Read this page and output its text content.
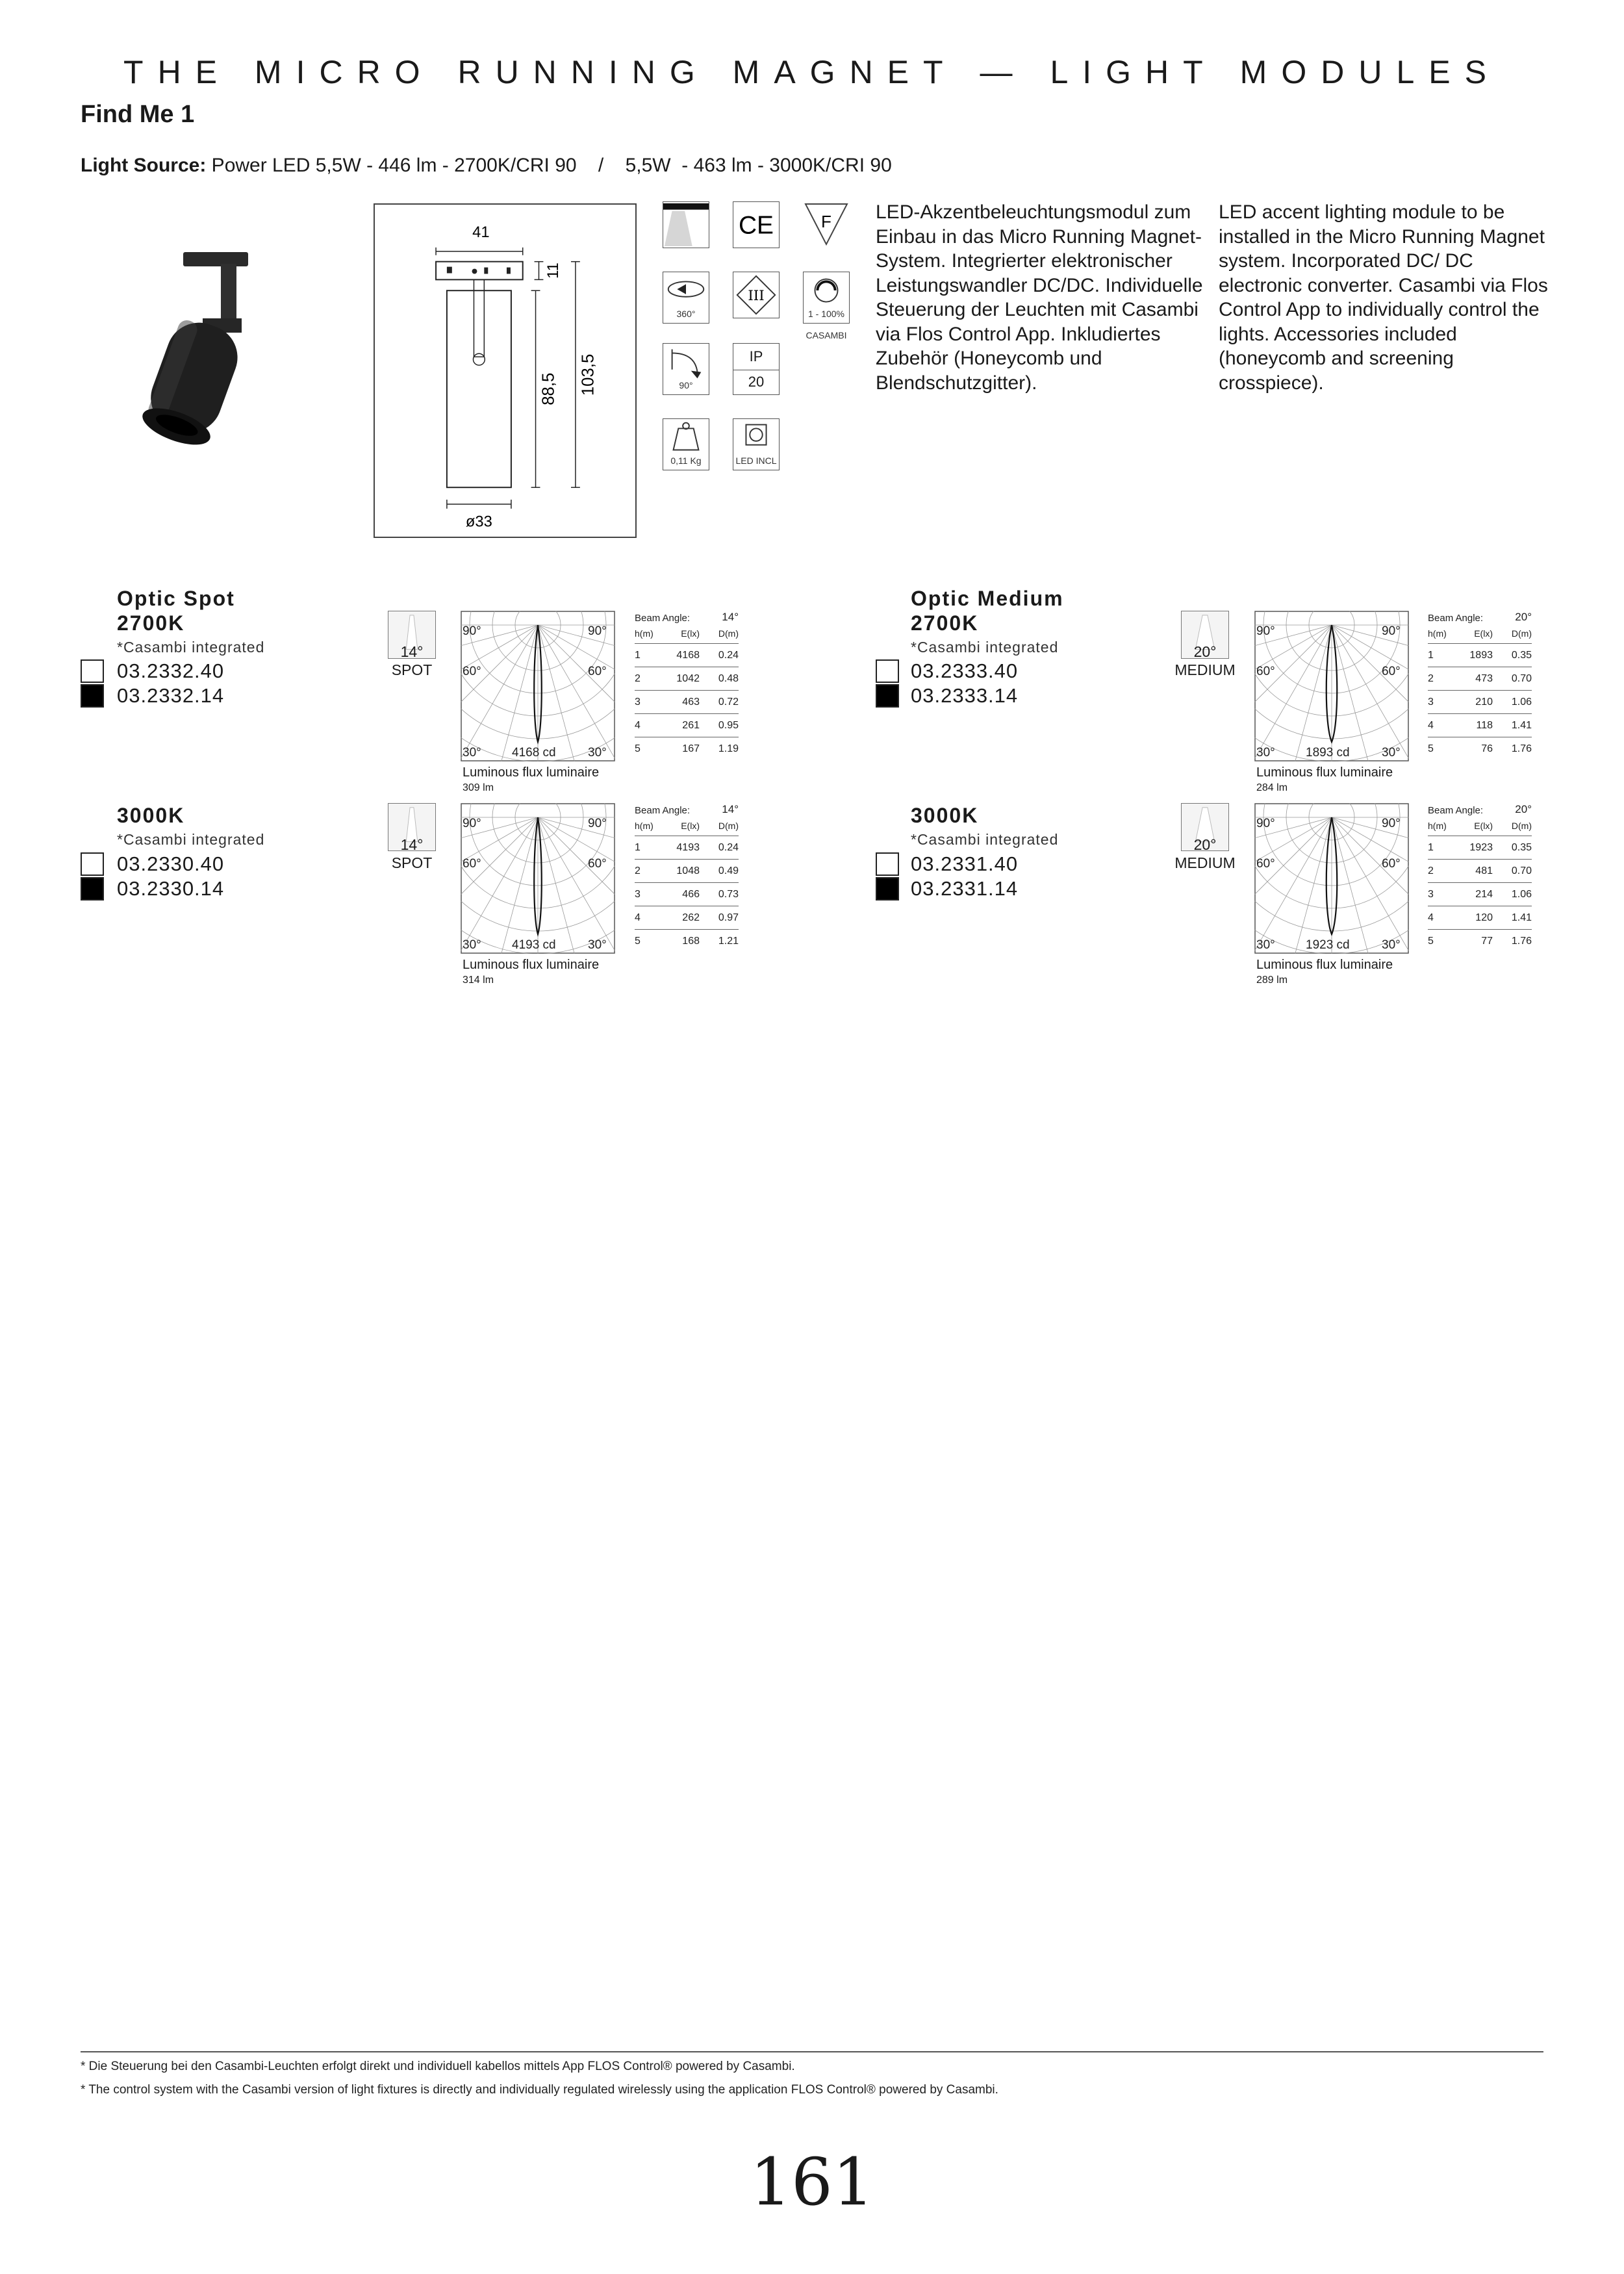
THE MICRO RUNNING MAGNET — LIGHT MODULES
Find Me 1
Light Source: Power LED 5,5W - 446 lm - 2700K/CRI 90    /    5,5W  - 463 lm - 3000K/CRI 90
41
11
88,5 103,5
ø33
CE	F
360°
III
1 - 100%
CASAMBI
90°
IP
20
0,11 Kg	LED INCL
LED-Akzentbeleuchtungsmodul zum Einbau in das Micro Running Magnet-System. Integrierter elektronischer Leistungswandler DC/DC. Individuelle Steuerung der Leuchten mit Casambi via Flos Control App. Inkludiertes Zubehör (Honeycomb und Blendschutzgitter).
LED accent lighting module to be installed in the Micro Running Magnet system. Incorporated DC/ DC electronic converter. Casambi via Flos Control App to individually control the lights. Accessories included (honeycomb and screening crosspiece).
Optic Spot
2700K
*Casambi integrated
03.2332.40
03.2332.14
14°
SPOT
90°	90°
60°	60°
30°	30°
4168 cd
Luminous flux luminaire
309 lm
Beam Angle:	14°
h(m)	E(lx)	D(m)
1	4168	0.24
2	1042	0.48
3	463	0.72
4	261	0.95
5	167	1.19
3000K
*Casambi integrated
03.2330.40
03.2330.14
14°
SPOT
90°	90°
60°	60°
30°	30°
4193 cd
Luminous flux luminaire
314 lm
Beam Angle:	14°
h(m)	E(lx)	D(m)
1	4193	0.24
2	1048	0.49
3	466	0.73
4	262	0.97
5	168	1.21
Optic Medium
2700K
*Casambi integrated
03.2333.40
03.2333.14
20°
MEDIUM
90°	90°
60°	60°
30°	30°
1893 cd
Luminous flux luminaire
284 lm
Beam Angle:	20°
h(m)	E(lx)	D(m)
1	1893	0.35
2	473	0.70
3	210	1.06
4	118	1.41
5	76	1.76
3000K
*Casambi integrated
03.2331.40
03.2331.14
20°
MEDIUM
90°	90°
60°	60°
30°	30°
1923 cd
Luminous flux luminaire
289 lm
Beam Angle:	20°
h(m)	E(lx)	D(m)
1	1923	0.35
2	481	0.70
3	214	1.06
4	120	1.41
5	77	1.76
* Die Steuerung bei den Casambi-Leuchten erfolgt direkt und individuell kabellos mittels App FLOS Control® powered by Casambi.
* The control system with the Casambi version of light fixtures is directly and individually regulated wirelessly using the application FLOS Control® powered by Casambi.
161
